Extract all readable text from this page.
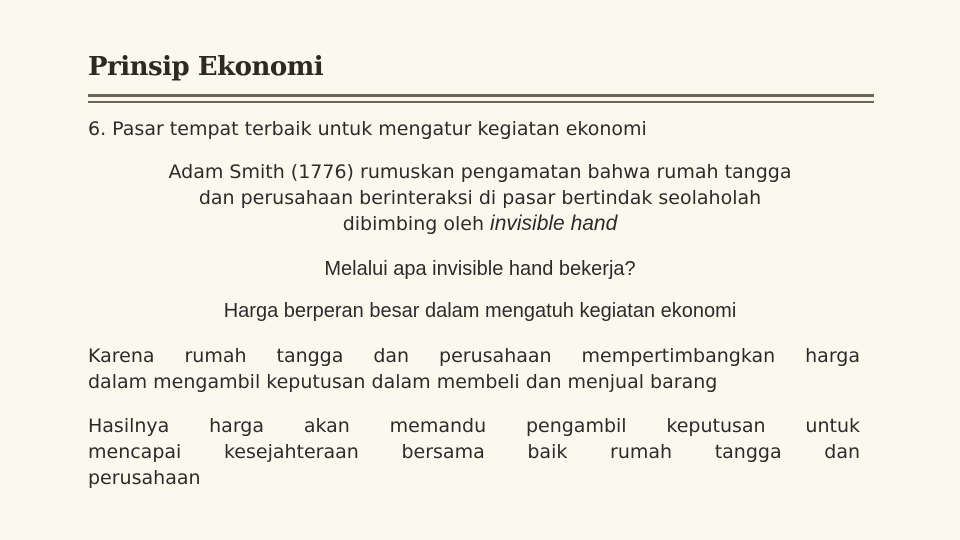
Prinsip Ekonomi
6. Pasar tempat terbaik untuk mengatur kegiatan ekonomi
Adam Smith (1776) rumuskan pengamatan bahwa rumah tangga
dan perusahaan berinteraksi di pasar bertindak seolaholah
dibimbing oleh invisible hand
Melalui apa invisible hand bekerja?
Harga berperan besar dalam mengatuh kegiatan ekonomi
Karena rumah tangga dan perusahaan mempertimbangkan harga
dalam mengambil keputusan dalam membeli dan menjual barang
Hasilnya harga akan memandu pengambil keputusan untuk
mencapai kesejahteraan bersama baik rumah tangga dan
perusahaan
